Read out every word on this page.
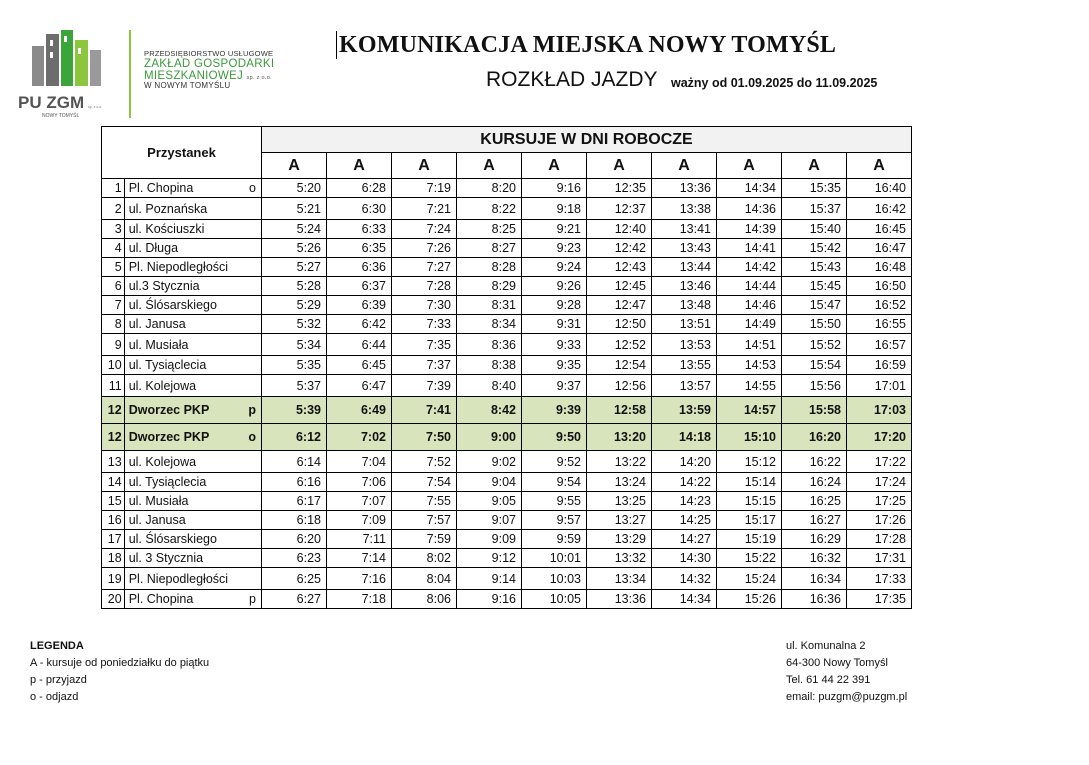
PU ZGM sp. z o.o.
NOWY TOMYŚL
PRZEDSIĘBIORSTWO USŁUGOWE
ZAKŁAD GOSPODARKI
MIESZKANIOWEJ sp. z o.o.
W NOWYM TOMYŚLU
KOMUNIKACJA MIEJSKA NOWY TOMYŚL
ROZKŁAD JAZDY ważny od 01.09.2025 do 11.09.2025
Przystanek		KURSUJE W DNI ROBOCZE									
		A	A	A	A	A	A	A	A	A	A
1	Pl. Chopina o	5:20	6:28	7:19	8:20	9:16	12:35	13:36	14:34	15:35	16:40
2	ul. Poznańska	5:21	6:30	7:21	8:22	9:18	12:37	13:38	14:36	15:37	16:42
3	ul. Kościuszki	5:24	6:33	7:24	8:25	9:21	12:40	13:41	14:39	15:40	16:45
4	ul. Długa	5:26	6:35	7:26	8:27	9:23	12:42	13:43	14:41	15:42	16:47
5	Pl. Niepodległości	5:27	6:36	7:27	8:28	9:24	12:43	13:44	14:42	15:43	16:48
6	ul.3 Stycznia	5:28	6:37	7:28	8:29	9:26	12:45	13:46	14:44	15:45	16:50
7	ul. Ślósarskiego	5:29	6:39	7:30	8:31	9:28	12:47	13:48	14:46	15:47	16:52
8	ul. Janusa	5:32	6:42	7:33	8:34	9:31	12:50	13:51	14:49	15:50	16:55
9	ul. Musiała	5:34	6:44	7:35	8:36	9:33	12:52	13:53	14:51	15:52	16:57
10	ul. Tysiąclecia	5:35	6:45	7:37	8:38	9:35	12:54	13:55	14:53	15:54	16:59
11	ul. Kolejowa	5:37	6:47	7:39	8:40	9:37	12:56	13:57	14:55	15:56	17:01
12	Dworzec PKP p	5:39	6:49	7:41	8:42	9:39	12:58	13:59	14:57	15:58	17:03
12	Dworzec PKP o	6:12	7:02	7:50	9:00	9:50	13:20	14:18	15:10	16:20	17:20
13	ul. Kolejowa	6:14	7:04	7:52	9:02	9:52	13:22	14:20	15:12	16:22	17:22
14	ul. Tysiąclecia	6:16	7:06	7:54	9:04	9:54	13:24	14:22	15:14	16:24	17:24
15	ul. Musiała	6:17	7:07	7:55	9:05	9:55	13:25	14:23	15:15	16:25	17:25
16	ul. Janusa	6:18	7:09	7:57	9:07	9:57	13:27	14:25	15:17	16:27	17:26
17	ul. Ślósarskiego	6:20	7:11	7:59	9:09	9:59	13:29	14:27	15:19	16:29	17:28
18	ul. 3 Stycznia	6:23	7:14	8:02	9:12	10:01	13:32	14:30	15:22	16:32	17:31
19	Pl. Niepodległości	6:25	7:16	8:04	9:14	10:03	13:34	14:32	15:24	16:34	17:33
20	Pl. Chopina p	6:27	7:18	8:06	9:16	10:05	13:36	14:34	15:26	16:36	17:35
LEGENDA
A - kursuje od poniedziałku do piątku
p - przyjazd
o - odjazd
ul. Komunalna 2
64-300 Nowy Tomyśl
Tel. 61 44 22 391
email: puzgm@puzgm.pl
